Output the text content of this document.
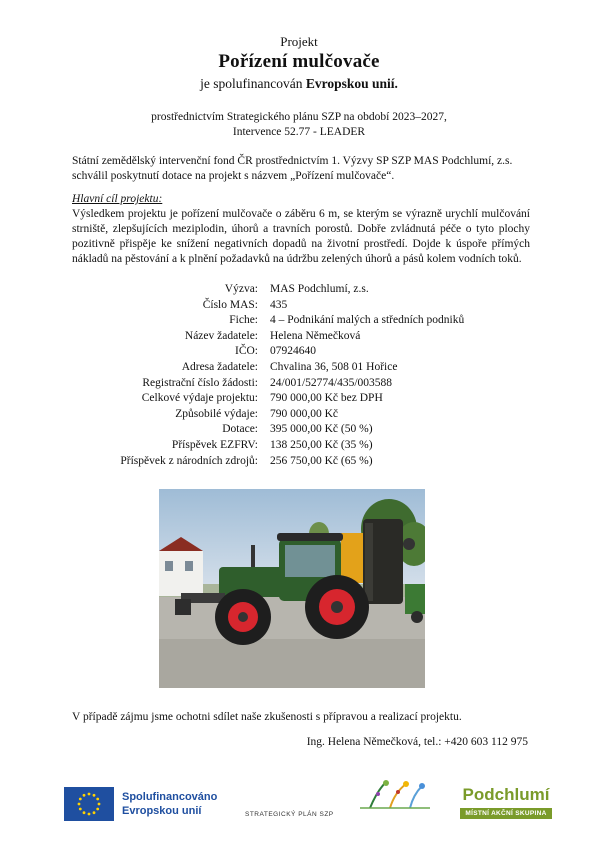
Projekt
Pořízení mulčovače
je spolufinancován Evropskou unií.
prostřednictvím Strategického plánu SZP na období 2023–2027,
Intervence 52.77 - LEADER
Státní zemědělský intervenční fond ČR prostřednictvím 1. Výzvy SP SZP MAS Podchlumí, z.s. schválil poskytnutí dotace na projekt s názvem „Pořízení mulčovače“.
Hlavní cíl projektu:
Výsledkem projektu je pořízení mulčovače o záběru 6 m, se kterým se výrazně urychlí mulčování strniště, zlepšujících meziplodin, úhorů a travních porostů. Dobře zvládnutá péče o tyto plochy pozitivně přispěje ke snížení negativních dopadů na životní prostředí. Dojde k úspoře přímých nákladů na pěstování a k plnění požadavků na údržbu zelených úhorů a pásů kolem vodních toků.
Výzva:	MAS Podchlumí, z.s.
Číslo MAS:	435
Fiche:	4 – Podnikání malých a středních podniků
Název žadatele:	Helena Němečková
IČO:	07924640
Adresa žadatele:	Chvalina 36, 508 01 Hořice
Registrační číslo žádosti:	24/001/52774/435/003588
Celkové výdaje projektu:	790 000,00 Kč bez DPH
Způsobilé výdaje:	790 000,00 Kč
Dotace:	395 000,00 Kč (50 %)
Příspěvek EZFRV:	138 250,00 Kč (35 %)
Příspěvek z národních zdrojů:	256 750,00 Kč (65 %)
V případě zájmu jsme ochotni sdílet naše zkušenosti s přípravou a realizací projektu.
Ing. Helena Němečková, tel.: +420 603 112 975
Spolufinancováno
Evropskou unií	STRATEGICKÝ PLÁN SZP
Podchlumí
MÍSTNÍ AKČNÍ SKUPINA
